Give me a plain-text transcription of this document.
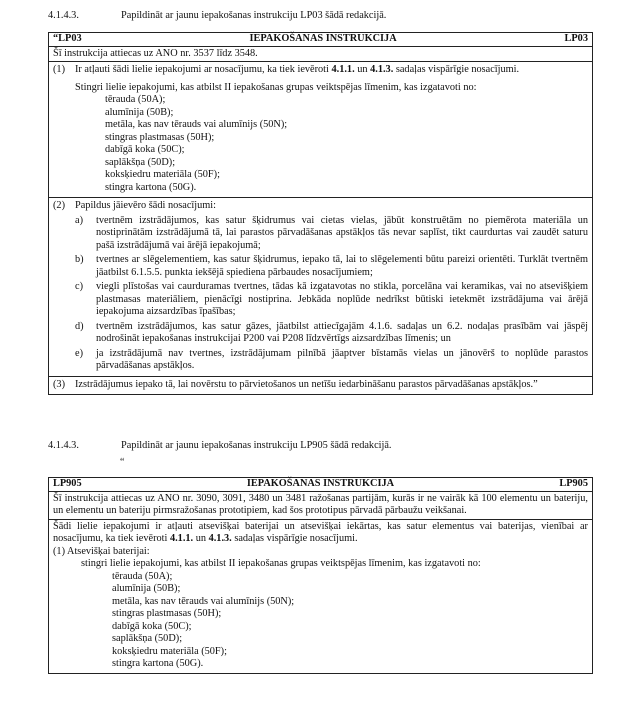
4.1.4.3.	Papildināt ar jaunu iepakošanas instrukciju LP03 šādā redakcijā.
“LP03	IEPAKOŠANAS INSTRUKCIJA	LP03

Šī instrukcija attiecas uz ANO nr. 3537 līdz 3548.

(1) Ir atļauti šādi lielie iepakojumi ar nosacījumu, ka tiek ievēroti 4.1.1. un 4.1.3. sadaļas vispārīgie nosacījumi.
Stingri lielie iepakojumi, kas atbilst II iepakošanas grupas veiktspējas līmenim, kas izgatavoti no:
tērauda (50A);
alumīnija (50B);
metāla, kas nav tērauds vai alumīnijs (50N);
stingras plastmasas (50H);
dabīgā koka (50C);
saplākšņa (50D);
koksķiedru materiāla (50F);
stingra kartona (50G).

(2) Papildus jāievēro šādi nosacījumi:
a)	tvertnēm izstrādājumos, kas satur šķidrumus vai cietas vielas, jābūt konstruētām no piemērota materiāla un nostiprinātām izstrādājumā tā, lai parastos pārvadāšanas apstākļos tās nevar saplīst, tikt caurdurtas vai zaudēt saturu pašā izstrādājumā vai ārējā iepakojumā;
b)	tvertnes ar slēgelementiem, kas satur šķidrumus, iepako tā, lai to slēgelementi būtu pareizi orientēti. Turklāt tvertnēm jāatbilst 6.1.5.5. punkta iekšējā spiediena pārbaudes nosacījumiem;
c)	viegli plīstošas vai caurduramas tvertnes, tādas kā izgatavotas no stikla, porcelāna vai keramikas, vai no atsevišķiem plastmasas materiāliem, pienācīgi nostiprina. Jebkāda noplūde nedrīkst būtiski ietekmēt izstrādājuma vai ārējā iepakojuma aizsardzības īpašības;
d)	tvertnēm izstrādājumos, kas satur gāzes, jāatbilst attiecīgajām 4.1.6. sadaļas un 6.2. nodaļas prasībām vai jāspēj nodrošināt iepakošanas instrukcijai P200 vai P208 līdzvērtīgs aizsardzības līmenis; un
e)	ja izstrādājumā nav tvertnes, izstrādājumam pilnībā jāaptver bīstamās vielas un jānovērš to noplūde parastos pārvadāšanas apstākļos.

(3) Izstrādājumus iepako tā, lai novērstu to pārvietošanos un netīšu iedarbināšanu parastos pārvadāšanas apstākļos.”
4.1.4.3.	Papildināt ar jaunu iepakošanas instrukciju LP905 šādā redakcijā.
“
LP905	IEPAKOŠANAS INSTRUKCIJA	LP905

Šī instrukcija attiecas uz ANO nr. 3090, 3091, 3480 un 3481 ražošanas partijām, kurās ir ne vairāk kā 100 elementu un bateriju, un elementu un bateriju pirmsražošanas prototipiem, kad šos prototipus pārvadā pārbaužu veikšanai.

Šādi lielie iepakojumi ir atļauti atsevišķai baterijai un atsevišķai iekārtas, kas satur elementus vai baterijas, vienībai ar nosacījumu, ka tiek ievēroti 4.1.1. un 4.1.3. sadaļas vispārīgie nosacījumi.
(1) Atsevišķai baterijai:
stingri lielie iepakojumi, kas atbilst II iepakošanas grupas veiktspējas līmenim, kas izgatavoti no:
tērauda (50A);
alumīnija (50B);
metāla, kas nav tērauds vai alumīnijs (50N);
stingras plastmasas (50H);
dabīgā koka (50C);
saplākšņa (50D);
koksķiedru materiāla (50F);
stingra kartona (50G).
